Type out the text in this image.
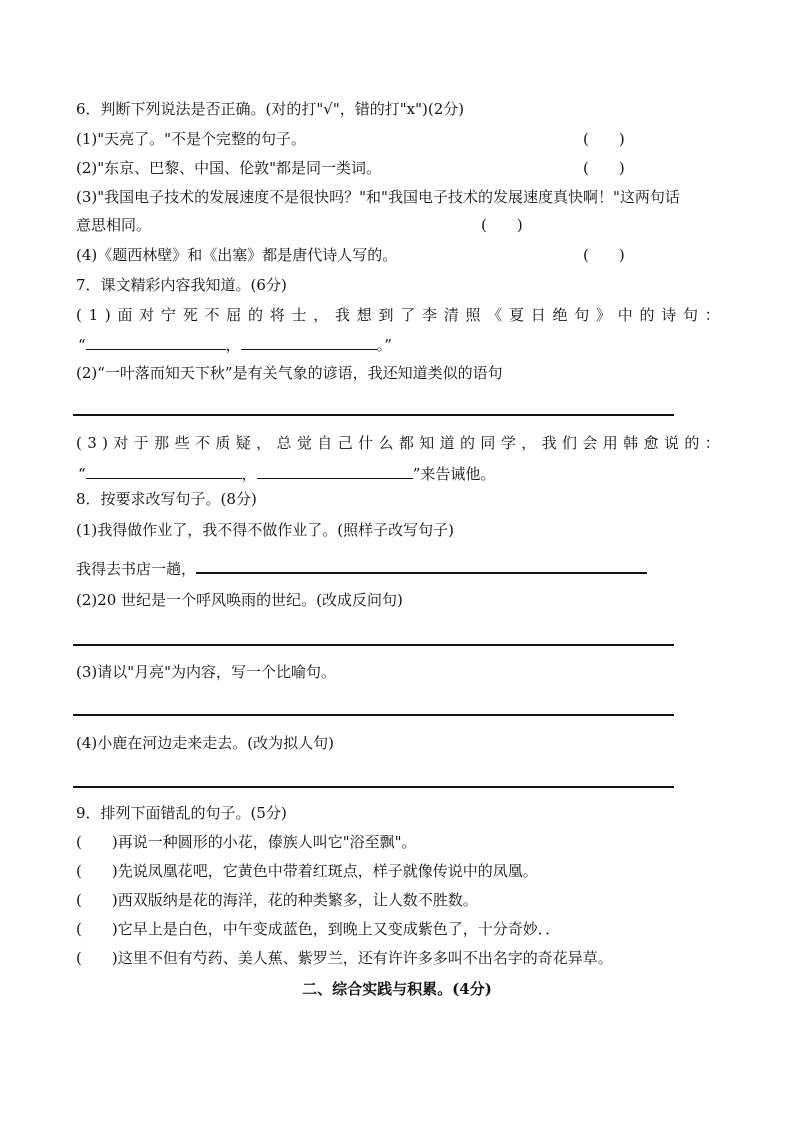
6．判断下列说法是否正确。(对的打"√"，错的打"x")(2分)
(1)"天亮了。"不是个完整的句子。	(　　)
(2)"东京、巴黎、中国、伦敦"都是同一类词。	(　　)
(3)"我国电子技术的发展速度不是很快吗？"和"我国电子技术的发展速度真快啊！"这两句话
意思相同。	(　　)
(4)《题西林壁》和《出塞》都是唐代诗人写的。	(　　)
7．课文精彩内容我知道。(6分)
( 1 ) 面 对 宁 死 不 屈 的 将 士 ， 我 想 到 了 李 清 照 《 夏 日 绝 句 》 中 的 诗 句 ：
“	，	。”
(2)“一叶落而知天下秋”是有关气象的谚语，我还知道类似的语句
( 3 ) 对 于 那 些 不 质 疑 ， 总 觉 自 己 什 么 都 知 道 的 同 学 ， 我 们 会 用 韩 愈 说 的 ：
“	，	”来告诫他。
8．按要求改写句子。(8分)
(1)我得做作业了，我不得不做作业了。(照样子改写句子)
我得去书店一趟，
(2)20 世纪是一个呼风唤雨的世纪。(改成反问句)
(3)请以"月亮"为内容，写一个比喻句。
(4)小鹿在河边走来走去。(改为拟人句)
9．排列下面错乱的句子。(5分)
(　　)再说一种圆形的小花，傣族人叫它"浴至飘"。
(　　)先说凤凰花吧，它黄色中带着红斑点，样子就像传说中的凤凰。
(　　)西双版纳是花的海洋，花的种类繁多，让人数不胜数。
(　　)它早上是白色，中午变成蓝色，到晚上又变成紫色了，十分奇妙．．
(　　)这里不但有芍药、美人蕉、紫罗兰，还有许许多多叫不出名字的奇花异草。
二、综合实践与积累。(4分)
